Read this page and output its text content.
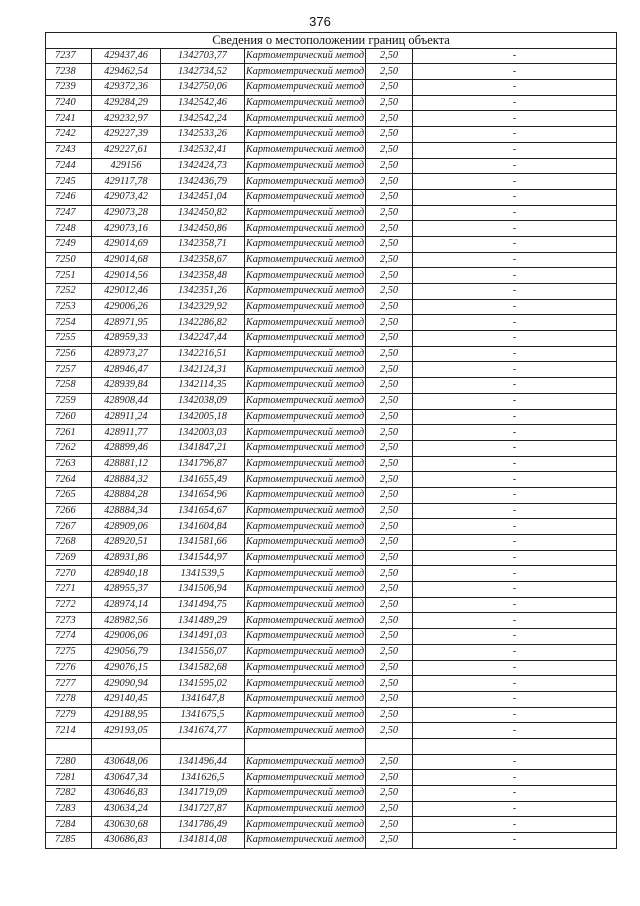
376
Сведения о местоположении границ объекта					
7237	429437,46	1342703,77	Картометрический метод	2,50	-
7238	429462,54	1342734,52	Картометрический метод	2,50	-
7239	429372,36	1342750,06	Картометрический метод	2,50	-
7240	429284,29	1342542,46	Картометрический метод	2,50	-
7241	429232,97	1342542,24	Картометрический метод	2,50	-
7242	429227,39	1342533,26	Картометрический метод	2,50	-
7243	429227,61	1342532,41	Картометрический метод	2,50	-
7244	429156	1342424,73	Картометрический метод	2,50	-
7245	429117,78	1342436,79	Картометрический метод	2,50	-
7246	429073,42	1342451,04	Картометрический метод	2,50	-
7247	429073,28	1342450,82	Картометрический метод	2,50	-
7248	429073,16	1342450,86	Картометрический метод	2,50	-
7249	429014,69	1342358,71	Картометрический метод	2,50	-
7250	429014,68	1342358,67	Картометрический метод	2,50	-
7251	429014,56	1342358,48	Картометрический метод	2,50	-
7252	429012,46	1342351,26	Картометрический метод	2,50	-
7253	429006,26	1342329,92	Картометрический метод	2,50	-
7254	428971,95	1342286,82	Картометрический метод	2,50	-
7255	428959,33	1342247,44	Картометрический метод	2,50	-
7256	428973,27	1342216,51	Картометрический метод	2,50	-
7257	428946,47	1342124,31	Картометрический метод	2,50	-
7258	428939,84	1342114,35	Картометрический метод	2,50	-
7259	428908,44	1342038,09	Картометрический метод	2,50	-
7260	428911,24	1342005,18	Картометрический метод	2,50	-
7261	428911,77	1342003,03	Картометрический метод	2,50	-
7262	428899,46	1341847,21	Картометрический метод	2,50	-
7263	428881,12	1341796,87	Картометрический метод	2,50	-
7264	428884,32	1341655,49	Картометрический метод	2,50	-
7265	428884,28	1341654,96	Картометрический метод	2,50	-
7266	428884,34	1341654,67	Картометрический метод	2,50	-
7267	428909,06	1341604,84	Картометрический метод	2,50	-
7268	428920,51	1341581,66	Картометрический метод	2,50	-
7269	428931,86	1341544,97	Картометрический метод	2,50	-
7270	428940,18	1341539,5	Картометрический метод	2,50	-
7271	428955,37	1341506,94	Картометрический метод	2,50	-
7272	428974,14	1341494,75	Картометрический метод	2,50	-
7273	428982,56	1341489,29	Картометрический метод	2,50	-
7274	429006,06	1341491,03	Картометрический метод	2,50	-
7275	429056,79	1341556,07	Картометрический метод	2,50	-
7276	429076,15	1341582,68	Картометрический метод	2,50	-
7277	429090,94	1341595,02	Картометрический метод	2,50	-
7278	429140,45	1341647,8	Картометрический метод	2,50	-
7279	429188,95	1341675,5	Картометрический метод	2,50	-
7214	429193,05	1341674,77	Картометрический метод	2,50	-

7280	430648,06	1341496,44	Картометрический метод	2,50	-
7281	430647,34	1341626,5	Картометрический метод	2,50	-
7282	430646,83	1341719,09	Картометрический метод	2,50	-
7283	430634,24	1341727,87	Картометрический метод	2,50	-
7284	430630,68	1341786,49	Картометрический метод	2,50	-
7285	430686,83	1341814,08	Картометрический метод	2,50	-
